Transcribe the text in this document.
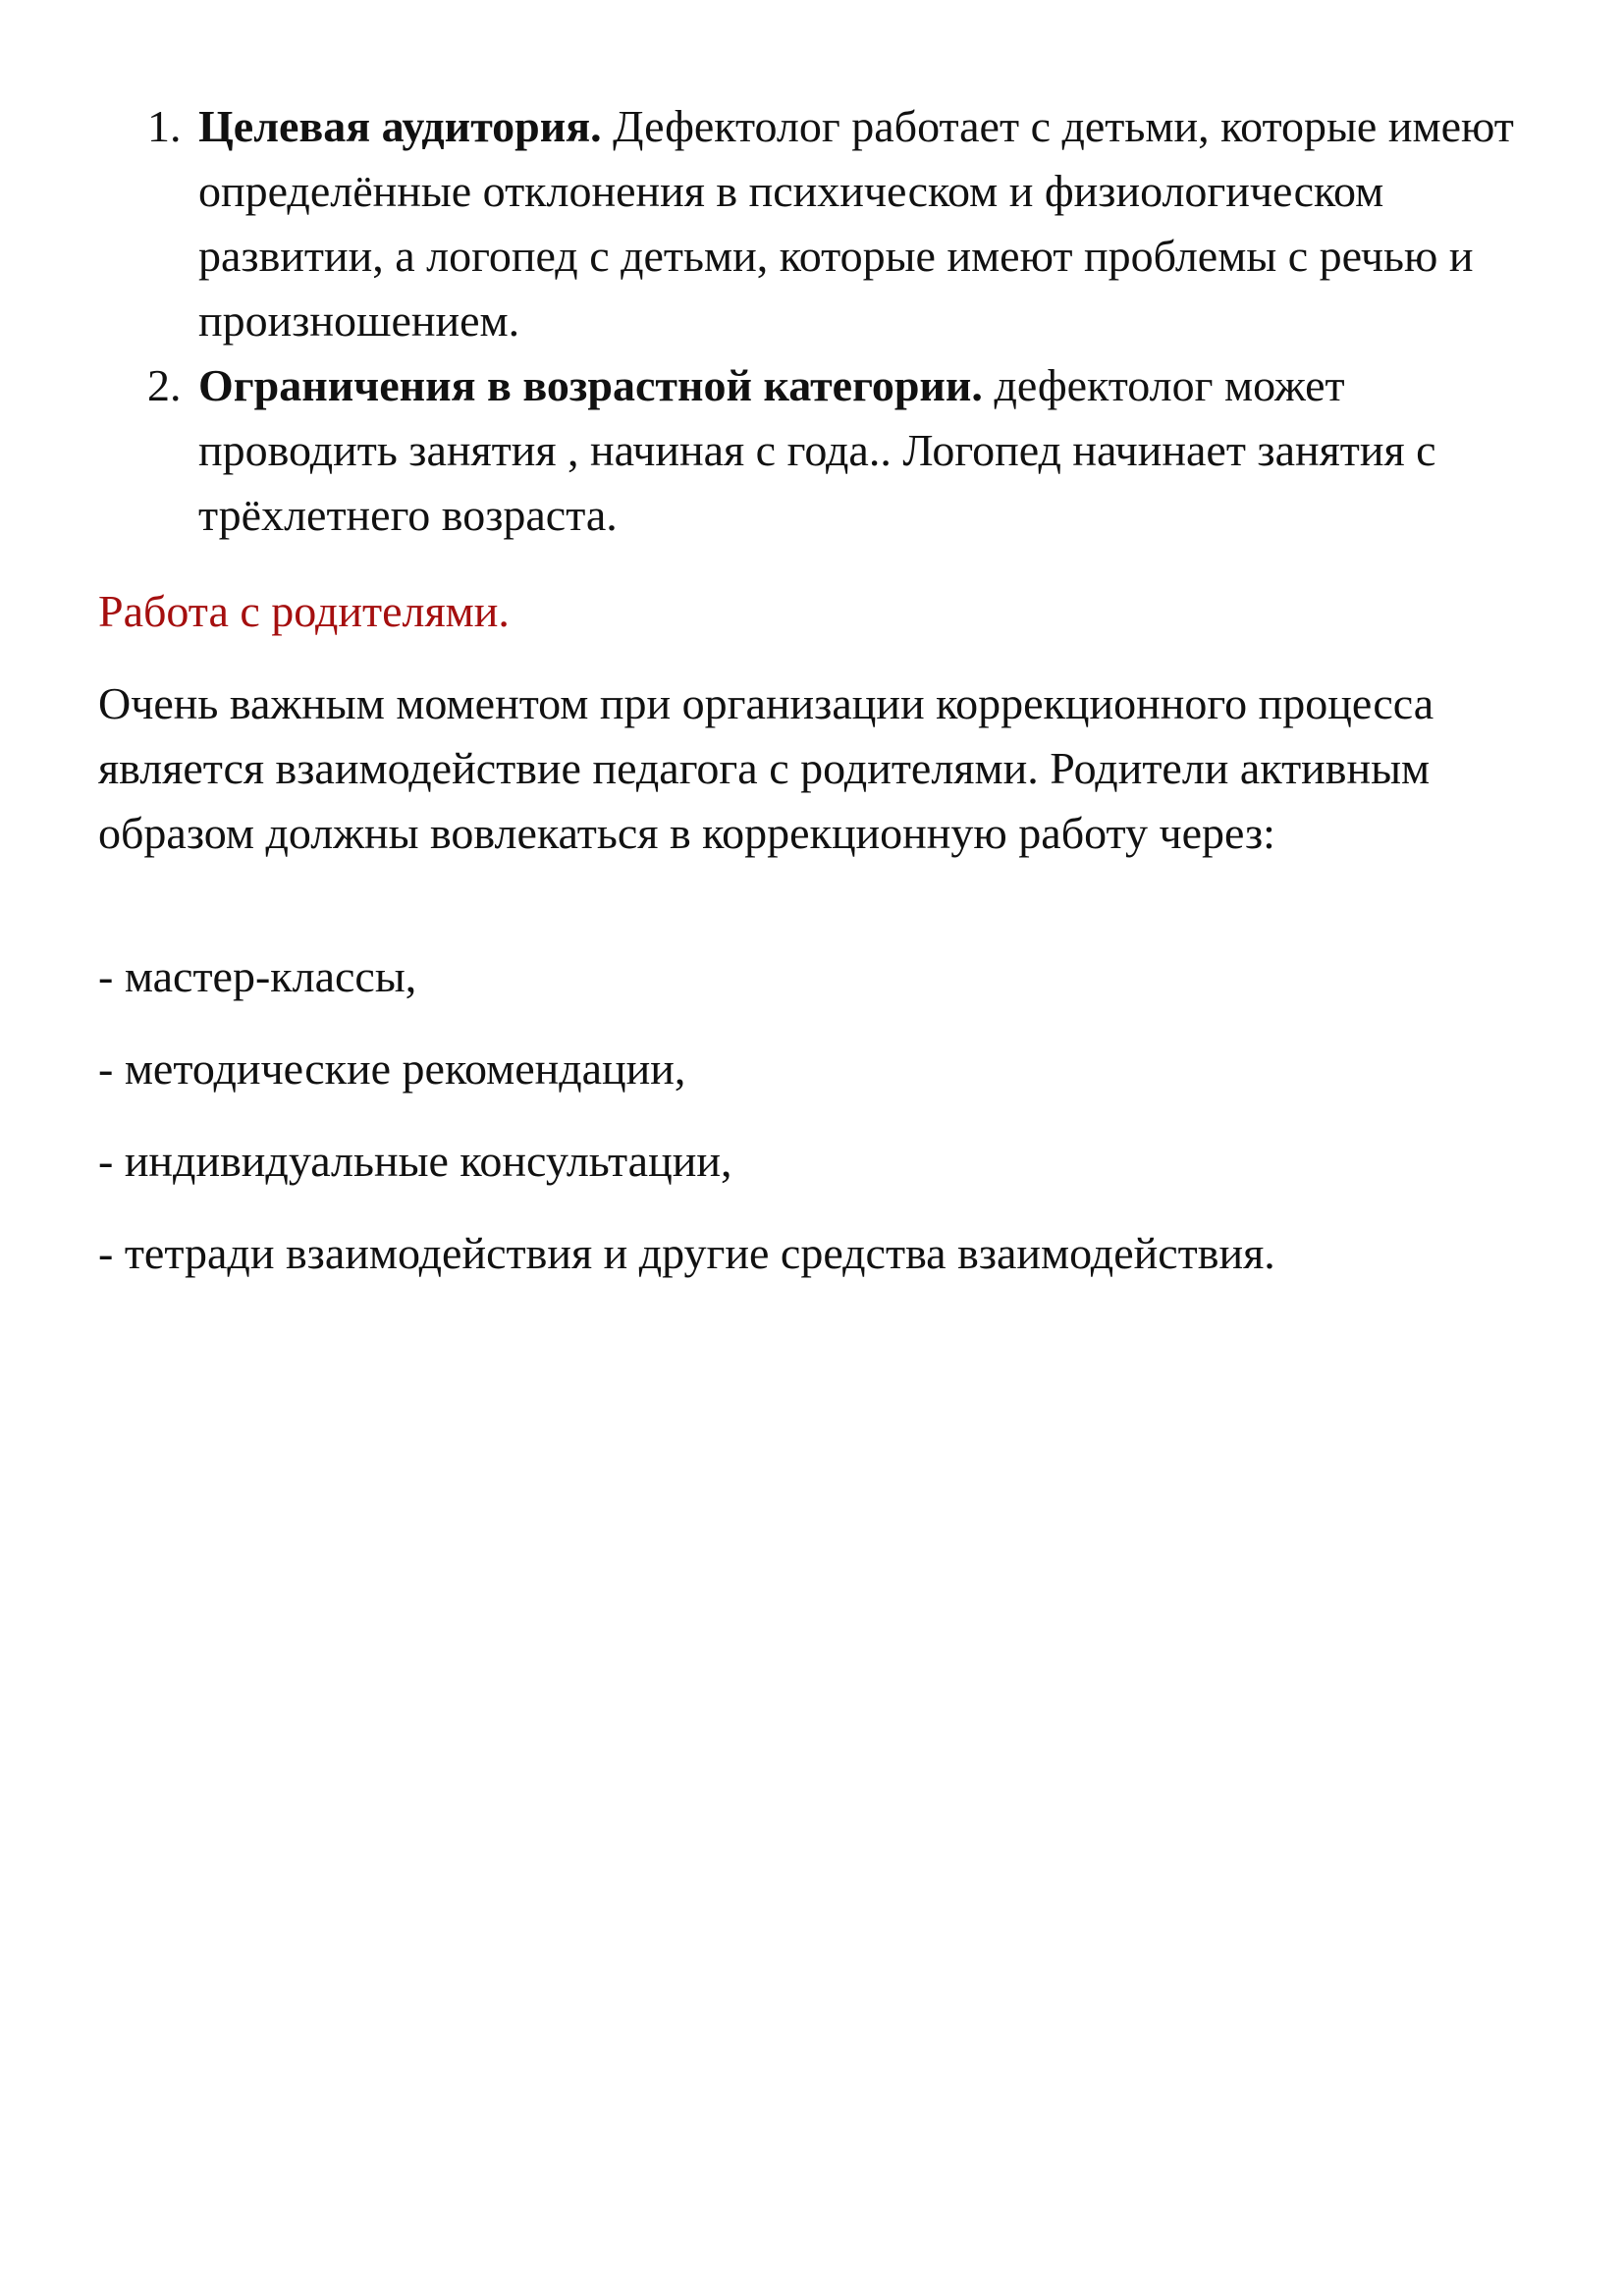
1. Целевая аудитория. Дефектолог работает с детьми, которые имеют определённые отклонения в психическом и физиологическом развитии, а логопед с детьми, которые имеют проблемы с речью и произношением.
2. Ограничения в возрастной категории. дефектолог может проводить занятия , начиная с года.. Логопед начинает занятия с трёхлетнего возраста.
Работа с родителями.

Очень важным моментом при организации коррекционного процесса является взаимодействие педагога с родителями. Родители активным образом должны вовлекаться в коррекционную работу через:

- мастер-классы,

- методические рекомендации,

- индивидуальные консультации,

- тетради взаимодействия и другие средства взаимодействия.
